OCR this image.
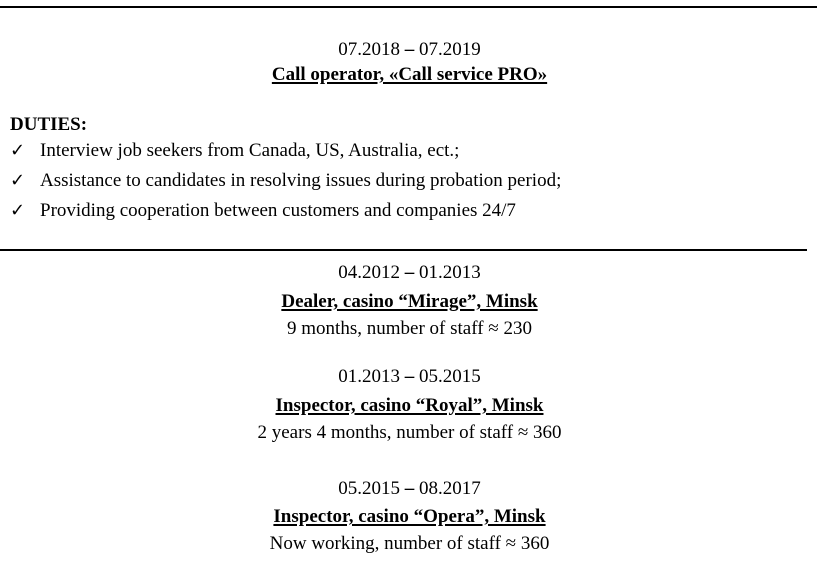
07.2018 – 07.2019
Call operator, «Call service PRO»
DUTIES:
✓ Interview job seekers from Canada, US, Australia, ect.;
✓ Assistance to candidates in resolving issues during probation period;
✓ Providing cooperation between customers and companies 24/7
04.2012 – 01.2013
Dealer, casino “Mirage”, Minsk
9 months, number of staff ≈ 230
01.2013 – 05.2015
Inspector, casino “Royal”, Minsk
2 years 4 months, number of staff ≈ 360
05.2015 – 08.2017
Inspector, casino “Opera”, Minsk
Now working, number of staff ≈ 360
